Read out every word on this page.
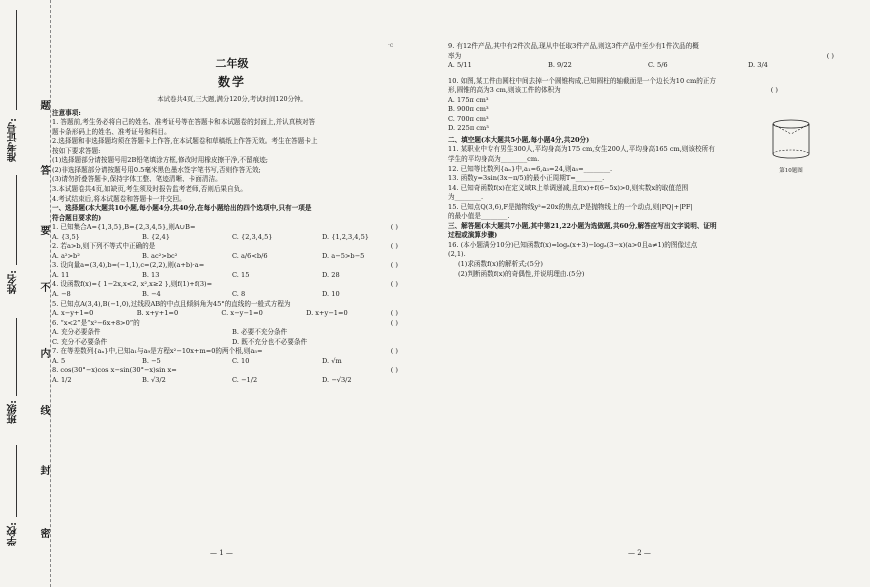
准考证号:
姓名:
班级:
学校:
题
答
要
不
内
线
封
密
·c
二年级
数学
本试卷共4页,三大题,满分120分,考试时间120分钟。
注意事项:
1. 答题前,考生务必将自己的姓名、准考证号等在答题卡和本试题卷的封面上,并认真核对答
题卡条形码上的姓名、准考证号和科目。
2.选择题和非选择题均须在答题卡上作答,在本试题卷和草稿纸上作答无效。考生在答题卡上
按如下要求答题:
(1)选择题部分请按题号用2B铅笔填涂方框,修改时用橡皮擦干净,不留痕迹;
(2)非选择题部分请按题号用0.5毫米黑色墨水签字笔书写,否则作答无效;
(3)请勿折叠答题卡,保持字体工整、笔迹清晰、卡面清洁。
3.本试题卷共4页,如缺页,考生须及时报告监考老师,否则后果自负。
4.考试结束后,将本试题卷和答题卡一并交回。
一、选择题(本大题共10小题,每小题4分,共40分,在每小题给出的四个选项中,只有一项是
符合题目要求的)
1. 已知集合A={1,3,5},B={2,3,4,5},则A∪B=	( )
A. {3,5}	B. {2,4}	C. {2,3,4,5}	D. {1,2,3,4,5}
2. 若a>b,则下列不等式中正确的是	( )
A. a²>b²	B. ac²>bc²	C. a/6<b/6	D. a−5>b−5
3. 设向量a=(3,4),b=(−1,1),c=(2,2),则(a+b)·a=	( )
A. 11	B. 13	C. 15	D. 28
4. 设函数f(x)={ 1−2x,x<2, x²,x≥2 },则f(1)+f(3)=	( )
A. −8	B. −4	C. 8	D. 10
5. 已知点A(3,4),B(−1,0),过线段AB的中点且倾斜角为45°的直线的一般式方程为
( )
A. x−y+1=0	B. x+y+1=0	C. x−y−1=0	D. x+y−1=0
6. “x<2”是“x²−6x+8>0”的	( )
A. 充分必要条件	B. 必要不充分条件
C. 充分不必要条件	D. 既不充分也不必要条件
7. 在等差数列{aₙ}中,已知a₁与a₉是方程x²−10x+m=0的两个根,则a₅=	( )
A. 5	B. −5	C. 10	D. √m
8. cos(30°−x)cos x−sin(30°−x)sin x=	( )
A. 1/2	B. √3/2	C. −1/2	D. −√3/2
— 1 —
9. 有12件产品,其中有2件次品,现从中任取3件产品,则这3件产品中至少有1件次品的概
率为	( )
A. 5/11	B. 9/22	C. 5/6	D. 3/4
10. 如图,某工件由圆柱中间去掉一个圆锥构成,已知圆柱的轴截面是一个边长为10 cm的正方
形,圆锥的高为3 cm,则该工件的体积为	( )
A. 175π cm³
B. 900π cm³
C. 700π cm³
D. 225π cm³
二、填空题(本大题共5小题,每小题4分,共20分)
11. 某职业中专有男生300人,平均身高为175 cm,女生200人,平均身高165 cm,则该校所有
学生的平均身高为________cm.
12. 已知等比数列{aₙ}中,a₁=6,a₃=24,则a₅=________.
13. 函数y=3sin(3x−π/5)的最小正周期T=________.
14. 已知奇函数f(x)在定义域R上单调递减,且f(x)+f(6−5x)>0,则实数x的取值范围
为________.
15. 已知点Q(3,6),F是抛物线y²=20x的焦点,P是抛物线上的一个动点,则|PQ|+|PF|
的最小值是________.
三、解答题(本大题共7小题,其中第21,22小题为选做题,共60分,解答应写出文字说明、证明
过程或演算步骤)
16. (本小题满分10分)已知函数f(x)=logₐ(x+3)−logₐ(3−x)(a>0且a≠1)的图像过点
(2,1).
(1)求函数f(x)的解析式;(5分)
(2)判断函数f(x)的奇偶性,并说明理由.(5分)
第10题图
— 2 —
